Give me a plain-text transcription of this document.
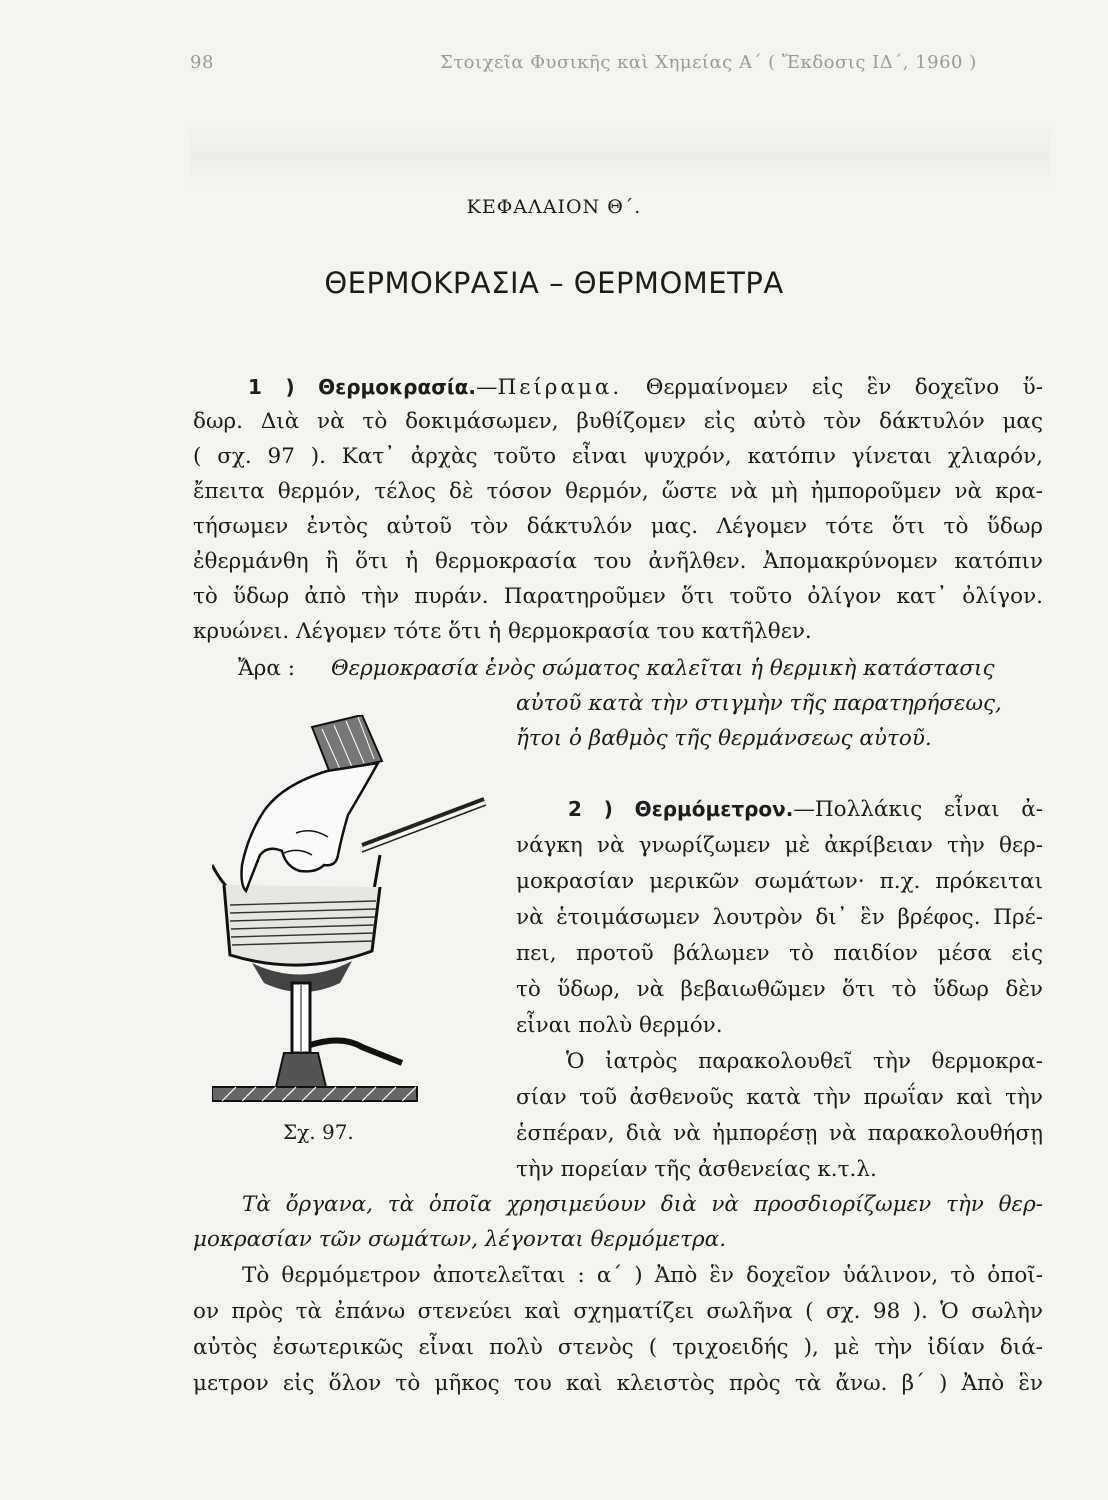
98	Στοιχεῖα Φυσικῆς καὶ Χημείας Α΄ ( Ἔκδοσις ΙΔ΄, 1960 )
ΚΕΦΑΛΑΙΟΝ Θ΄.
ΘΕΡΜΟΚΡΑΣΙΑ – ΘΕΡΜΟΜΕΤΡΑ
1 ) Θερμοκρασία.—Πείραμα. Θερμαίνομεν εἰς ἓν δοχεῖνο ὕ-
δωρ. Διὰ νὰ τὸ δοκιμάσωμεν, βυθίζομεν εἰς αὐτὸ τὸν δάκτυλόν μας
( σχ. 97 ). Κατ᾽ ἀρχὰς τοῦτο εἶναι ψυχρόν, κατόπιν γίνεται χλιαρόν,
ἔπειτα θερμόν, τέλος δὲ τόσον θερμόν, ὥστε νὰ μὴ ἠμποροῦμεν νὰ κρα-
τήσωμεν ἐντὸς αὐτοῦ τὸν δάκτυλόν μας. Λέγομεν τότε ὅτι τὸ ὕδωρ
ἐθερμάνθη ἢ ὅτι ἡ θερμοκρασία του ἀνῆλθεν. Ἀπομακρύνομεν κατόπιν
τὸ ὕδωρ ἀπὸ τὴν πυράν. Παρατηροῦμεν ὅτι τοῦτο ὀλίγον κατ᾽ ὀλίγον.
κρυώνει. Λέγομεν τότε ὅτι ἡ θερμοκρασία του κατῆλθεν.
Ἄρα : Θερμοκρασία ἑνὸς σώματος καλεῖται ἡ θερμικὴ κατάστασις
αὐτοῦ κατὰ τὴν στιγμὴν τῆς παρατηρήσεως,
ἤτοι ὁ βαθμὸς τῆς θερμάνσεως αὐτοῦ.
Σχ. 97.
2 ) Θερμόμετρον.—Πολλάκις εἶναι ἀ-
νάγκη νὰ γνωρίζωμεν μὲ ἀκρίβειαν τὴν θερ-
μοκρασίαν μερικῶν σωμάτων· π.χ. πρόκειται
νὰ ἑτοιμάσωμεν λουτρὸν δι᾽ ἓν βρέφος. Πρέ-
πει, προτοῦ βάλωμεν τὸ παιδίον μέσα εἰς
τὸ ὕδωρ, νὰ βεβαιωθῶμεν ὅτι τὸ ὕδωρ δὲν
εἶναι πολὺ θερμόν.
Ὁ ἰατρὸς παρακολουθεῖ τὴν θερμοκρα-
σίαν τοῦ ἀσθενοῦς κατὰ τὴν πρωΐαν καὶ τὴν
ἑσπέραν, διὰ νὰ ἠμπορέσῃ νὰ παρακολουθήσῃ
τὴν πορείαν τῆς ἀσθενείας κ.τ.λ.
Τὰ ὄργανα, τὰ ὁποῖα χρησιμεύουν διὰ νὰ προσδιορίζωμεν τὴν θερ-
μοκρασίαν τῶν σωμάτων, λέγονται θερμόμετρα.
Τὸ θερμόμετρον ἀποτελεῖται : α΄ ) Ἀπὸ ἓν δοχεῖον ὑάλινον, τὸ ὁποῖ-
ον πρὸς τὰ ἐπάνω στενεύει καὶ σχηματίζει σωλῆνα ( σχ. 98 ). Ὁ σωλὴν
αὐτὸς ἐσωτερικῶς εἶναι πολὺ στενὸς ( τριχοειδής ), μὲ τὴν ἰδίαν διά-
μετρον εἰς ὅλον τὸ μῆκος του καὶ κλειστὸς πρὸς τὰ ἄνω. β΄ ) Ἀπὸ ἓν
